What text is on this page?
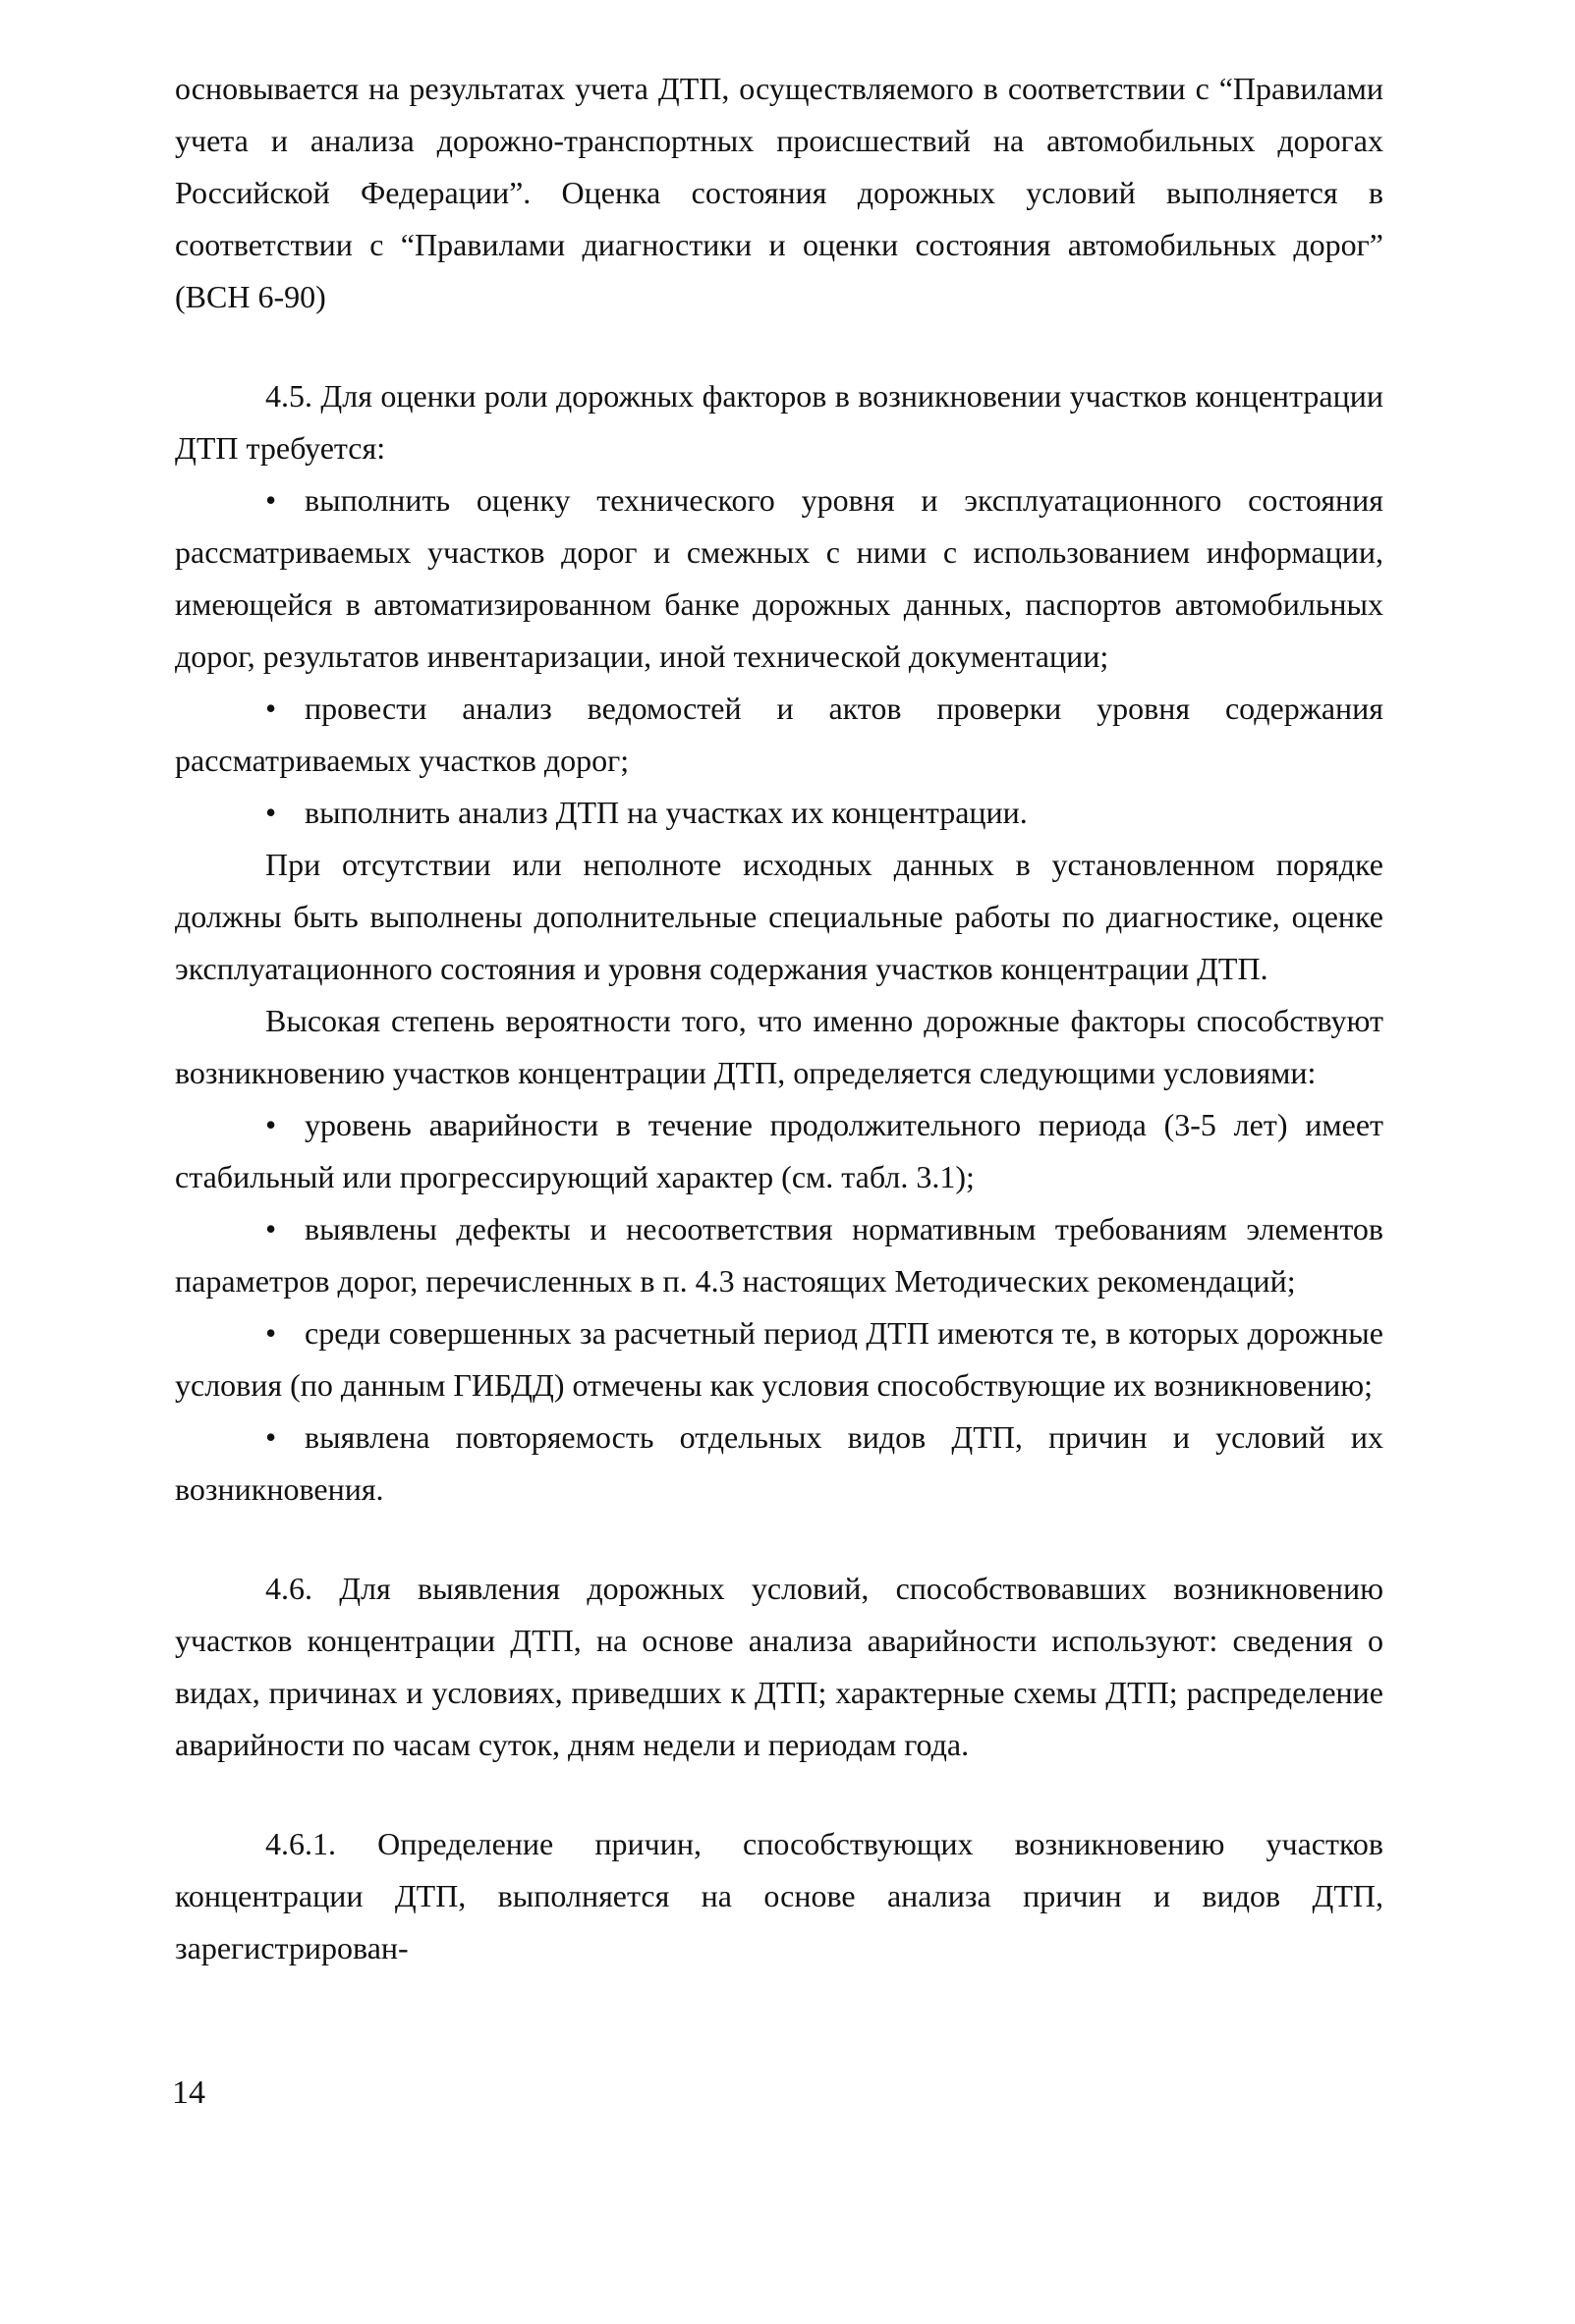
основывается на результатах учета ДТП, осуществляемого в соответствии с “Правилами учета и анализа дорожно-транспортных происшествий на автомобильных дорогах Российской Федерации”. Оценка состояния дорожных условий выполняется в соответствии с “Правилами диагностики и оценки состояния автомобильных дорог” (ВСН 6-90)

4.5. Для оценки роли дорожных факторов в возникновении участков концентрации ДТП требуется:

• выполнить оценку технического уровня и эксплуатационного состояния рассматриваемых участков дорог и смежных с ними с использованием информации, имеющейся в автоматизированном банке дорожных данных, паспортов автомобильных дорог, результатов инвентаризации, иной технической документации;

• провести анализ ведомостей и актов проверки уровня содержания рассматриваемых участков дорог;

• выполнить анализ ДТП на участках их концентрации.

При отсутствии или неполноте исходных данных в установленном порядке должны быть выполнены дополнительные специальные работы по диагностике, оценке эксплуатационного состояния и уровня содержания участков концентрации ДТП.

Высокая степень вероятности того, что именно дорожные факторы способствуют возникновению участков концентрации ДТП, определяется следующими условиями:

• уровень аварийности в течение продолжительного периода (3-5 лет) имеет стабильный или прогрессирующий характер (см. табл. 3.1);

• выявлены дефекты и несоответствия нормативным требованиям элементов параметров дорог, перечисленных в п. 4.3 настоящих Методических рекомендаций;

• среди совершенных за расчетный период ДТП имеются те, в которых дорожные условия (по данным ГИБДД) отмечены как условия способствующие их возникновению;

• выявлена повторяемость отдельных видов ДТП, причин и условий их возникновения.

4.6. Для выявления дорожных условий, способствовавших возникновению участков концентрации ДТП, на основе анализа аварийности используют: сведения о видах, причинах и условиях, приведших к ДТП; характерные схемы ДТП; распределение аварийности по часам суток, дням недели и периодам года.

4.6.1. Определение причин, способствующих возникновению участков концентрации ДТП, выполняется на основе анализа причин и видов ДТП, зарегистрирован-

14
